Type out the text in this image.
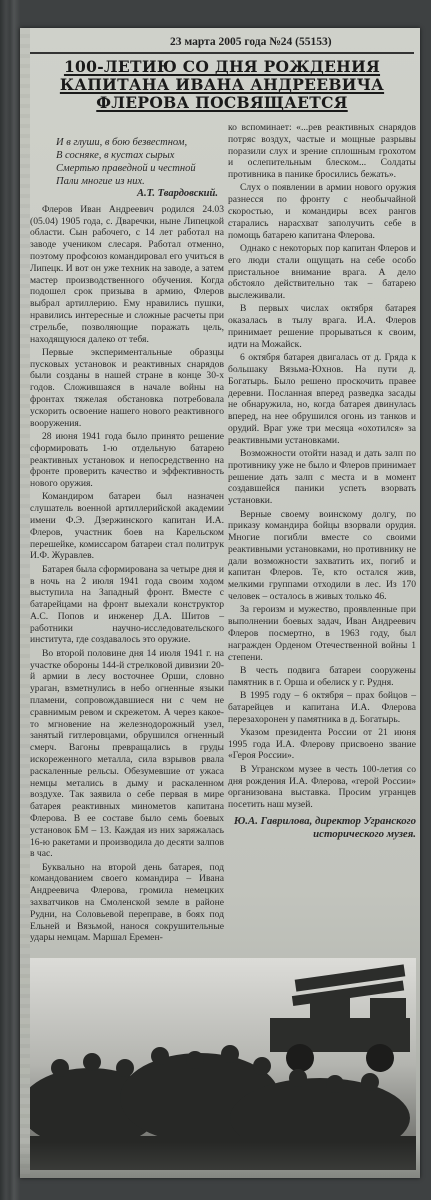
23 марта 2005 года №24 (55153)
100-ЛЕТИЮ СО ДНЯ РОЖДЕНИЯ
КАПИТАНА ИВАНА АНДРЕЕВИЧА
ФЛЕРОВА ПОСВЯЩАЕТСЯ
И в глуши, в бою безвестном,
В сосняке, в кустах сырых
Смертью праведной и честной
Пали многие из них.
А.Т. Твардовский.

Флеров Иван Андреевич родился 24.03 (05.04) 1905 года, с. Дваречки, ныне Липецкой области. Сын рабочего, с 14 лет работал на заводе учеником слесаря. Работал отменно, поэтому профсоюз командировал его учиться в Липецк. И вот он уже техник на заводе, а затем мастер производственного обучения. Когда подошел срок призыва в армию, Флеров выбрал артиллерию. Ему нравились пушки, нравились интересные и сложные расчеты при стрельбе, позволяющие поражать цель, находящуюся далеко от тебя.

Первые экспериментальные образцы пусковых установок и реактивных снарядов были созданы в нашей стране в конце 30-х годов. Сложившаяся в начале войны на фронтах тяжелая обстановка потребовала ускорить освоение нашего нового реактивного вооружения.

28 июня 1941 года было принято решение сформировать 1-ю отдельную батарею реактивных установок и непосредственно на фронте проверить качество и эффективность нового оружия.

Командиром батареи был назначен слушатель военной артиллерийской академии имени Ф.Э. Дзержинского капитан И.А. Флеров, участник боев на Карельском перешейке, комиссаром батареи стал политрук И.Ф. Журавлев.

Батарея была сформирована за четыре дня и в ночь на 2 июля 1941 года своим ходом выступила на Западный фронт. Вместе с батарейцами на фронт выехали конструктор А.С. Попов и инженер Д.А. Шитов – работники научно-исследовательского института, где создавалось это оружие.

Во второй половине дня 14 июля 1941 г. на участке обороны 144-й стрелковой дивизии 20-й армии в лесу восточнее Орши, словно ураган, взметнулись в небо огненные языки пламени, сопровождавшиеся ни с чем не сравнимым ревом и скрежетом. А через какое-то мгновение на железнодорожный узел, занятый гитлеровцами, обрушился огненный смерч. Вагоны превращались в груды искореженного металла, сила взрывов рвала раскаленные рельсы. Обезумевшие от ужаса немцы метались в дыму и раскаленном воздухе. Так заявила о себе первая в мире батарея реактивных минометов капитана Флерова. В ее составе было семь боевых установок БМ – 13. Каждая из них заряжалась 16-ю ракетами и производила до десяти залпов в час.

Буквально на второй день батарея, под командованием своего командира – Ивана Андреевича Флерова, громила немецких захватчиков на Смоленской земле в районе Рудни, на Соловьевой переправе, в боях под Ельней и Вязьмой, нанося сокрушительные удары немцам. Маршал Еремен-

ко вспоминает: «...рев реактивных снарядов потряс воздух, частые и мощные разрывы поразили слух и зрение сплошным грохотом и ослепительным блеском... Солдаты противника в панике бросились бежать».

Слух о появлении в армии нового оружия разнесся по фронту с необычайной скоростью, и командиры всех рангов старались нарасхват заполучить себе в помощь батарею капитана Флерова.

Однако с некоторых пор капитан Флеров и его люди стали ощущать на себе особо пристальное внимание врага. А дело обстояло действительно так – батарею выслеживали.

В первых числах октября батарея оказалась в тылу врага. И.А. Флеров принимает решение прорываться к своим, идти на Можайск.

6 октября батарея двигалась от д. Гряда к большаку Вязьма-Юхнов. На пути д. Богатырь. Было решено проскочить правее деревни. Посланная вперед разведка засады не обнаружила, но, когда батарея двинулась вперед, на нее обрушился огонь из танков и орудий. Враг уже три месяца «охотился» за реактивными установками.

Возможности отойти назад и дать залп по противнику уже не было и Флеров принимает решение дать залп с места и в момент создавшейся паники успеть взорвать установки.

Верные своему воинскому долгу, по приказу командира бойцы взорвали орудия. Многие погибли вместе со своими реактивными установками, но противнику не дали возможности захватить их, погиб и капитан Флеров. Те, кто остался жив, мелкими группами отходили в лес. Из 170 человек – осталось в живых только 46.

За героизм и мужество, проявленные при выполнении боевых задач, Иван Андреевич Флеров посмертно, в 1963 году, был награжден Орденом Отечественной войны 1 степени.

В честь подвига батареи сооружены памятник в г. Орша и обелиск у г. Рудня.

В 1995 году – 6 октября – прах бойцов – батарейцев и капитана И.А. Флерова перезахоронен у памятника в д. Богатырь.

Указом президента России от 21 июня 1995 года И.А. Флерову присвоено звание «Героя России».

В Угранском музее в честь 100-летия со дня рождения И.А. Флерова, «герой России» организована выставка. Просим угранцев посетить наш музей.

Ю.А. Гаврилова, директор Угранского исторического музея.
